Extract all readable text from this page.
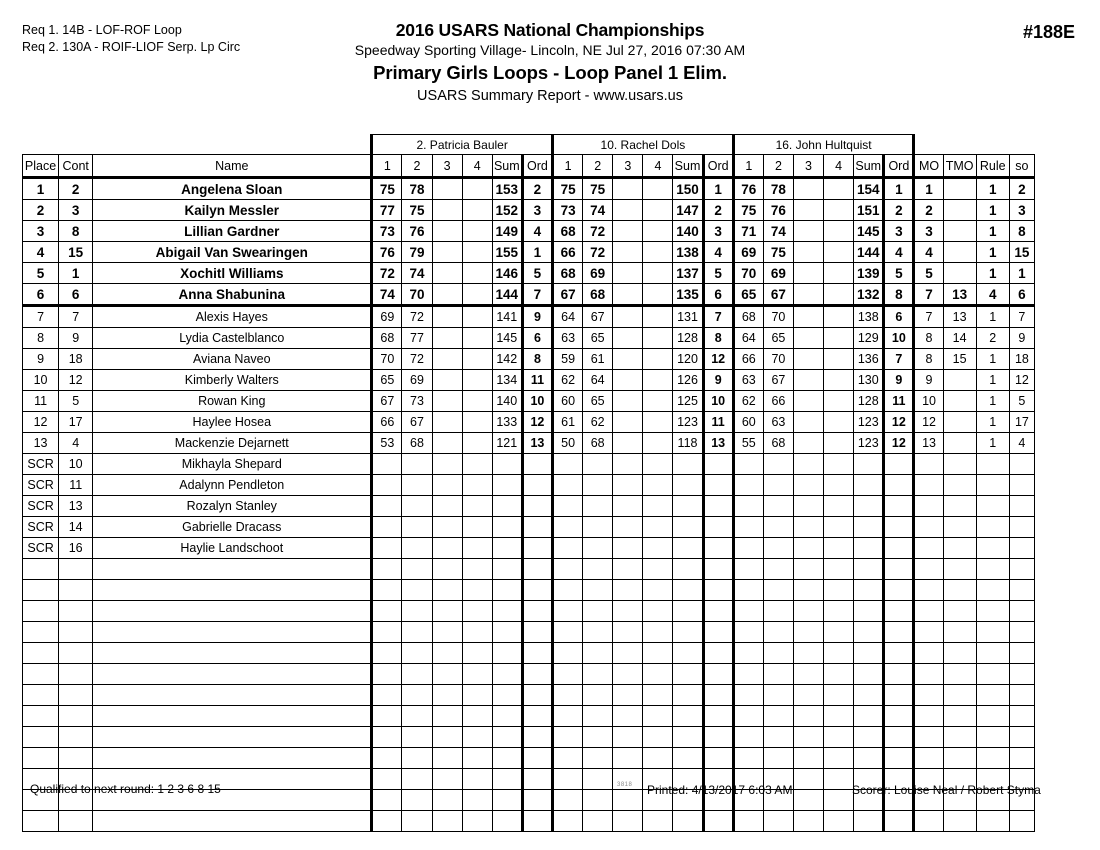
Req 1. 14B - LOF-ROF Loop
Req 2. 130A - ROIF-LIOF Serp. Lp Circ
2016 USARS National Championships
Speedway Sporting Village- Lincoln, NE Jul 27, 2016 07:30 AM
Primary Girls Loops - Loop Panel 1 Elim.
USARS Summary Report - www.usars.us
#188E
			2. Patricia Bauler						10. Rachel Dols						16. John Hultquist									
Place	Cont	Name	1	2	3	4	Sum	Ord	1	2	3	4	Sum	Ord	1	2	3	4	Sum	Ord	MO	TMO	Rule	so
1	2	Angelena Sloan	75	78			153	2	75	75			150	1	76	78			154	1	1		1	2
2	3	Kailyn Messler	77	75			152	3	73	74			147	2	75	76			151	2	2		1	3
3	8	Lillian Gardner	73	76			149	4	68	72			140	3	71	74			145	3	3		1	8
4	15	Abigail Van Swearingen	76	79			155	1	66	72			138	4	69	75			144	4	4		1	15
5	1	Xochitl Williams	72	74			146	5	68	69			137	5	70	69			139	5	5		1	1
6	6	Anna Shabunina	74	70			144	7	67	68			135	6	65	67			132	8	7	13	4	6
7	7	Alexis Hayes	69	72			141	9	64	67			131	7	68	70			138	6	7	13	1	7
8	9	Lydia Castelblanco	68	77			145	6	63	65			128	8	64	65			129	10	8	14	2	9
9	18	Aviana Naveo	70	72			142	8	59	61			120	12	66	70			136	7	8	15	1	18
10	12	Kimberly Walters	65	69			134	11	62	64			126	9	63	67			130	9	9		1	12
11	5	Rowan King	67	73			140	10	60	65			125	10	62	66			128	11	10		1	5
12	17	Haylee Hosea	66	67			133	12	61	62			123	11	60	63			123	12	12		1	17
13	4	Mackenzie Dejarnett	53	68			121	13	50	68			118	13	55	68			123	12	13		1	4
SCR	10	Mikhayla Shepard																						
SCR	11	Adalynn Pendleton																						
SCR	13	Rozalyn Stanley																						
SCR	14	Gabrielle Dracass																						
SCR	16	Haylie Landschoot																						

Qualified to next round: 1 2 3 6 8 15	3818 Printed: 4/13/2017 6:03 AM	Scorer: Louise Neal / Robert Styma
